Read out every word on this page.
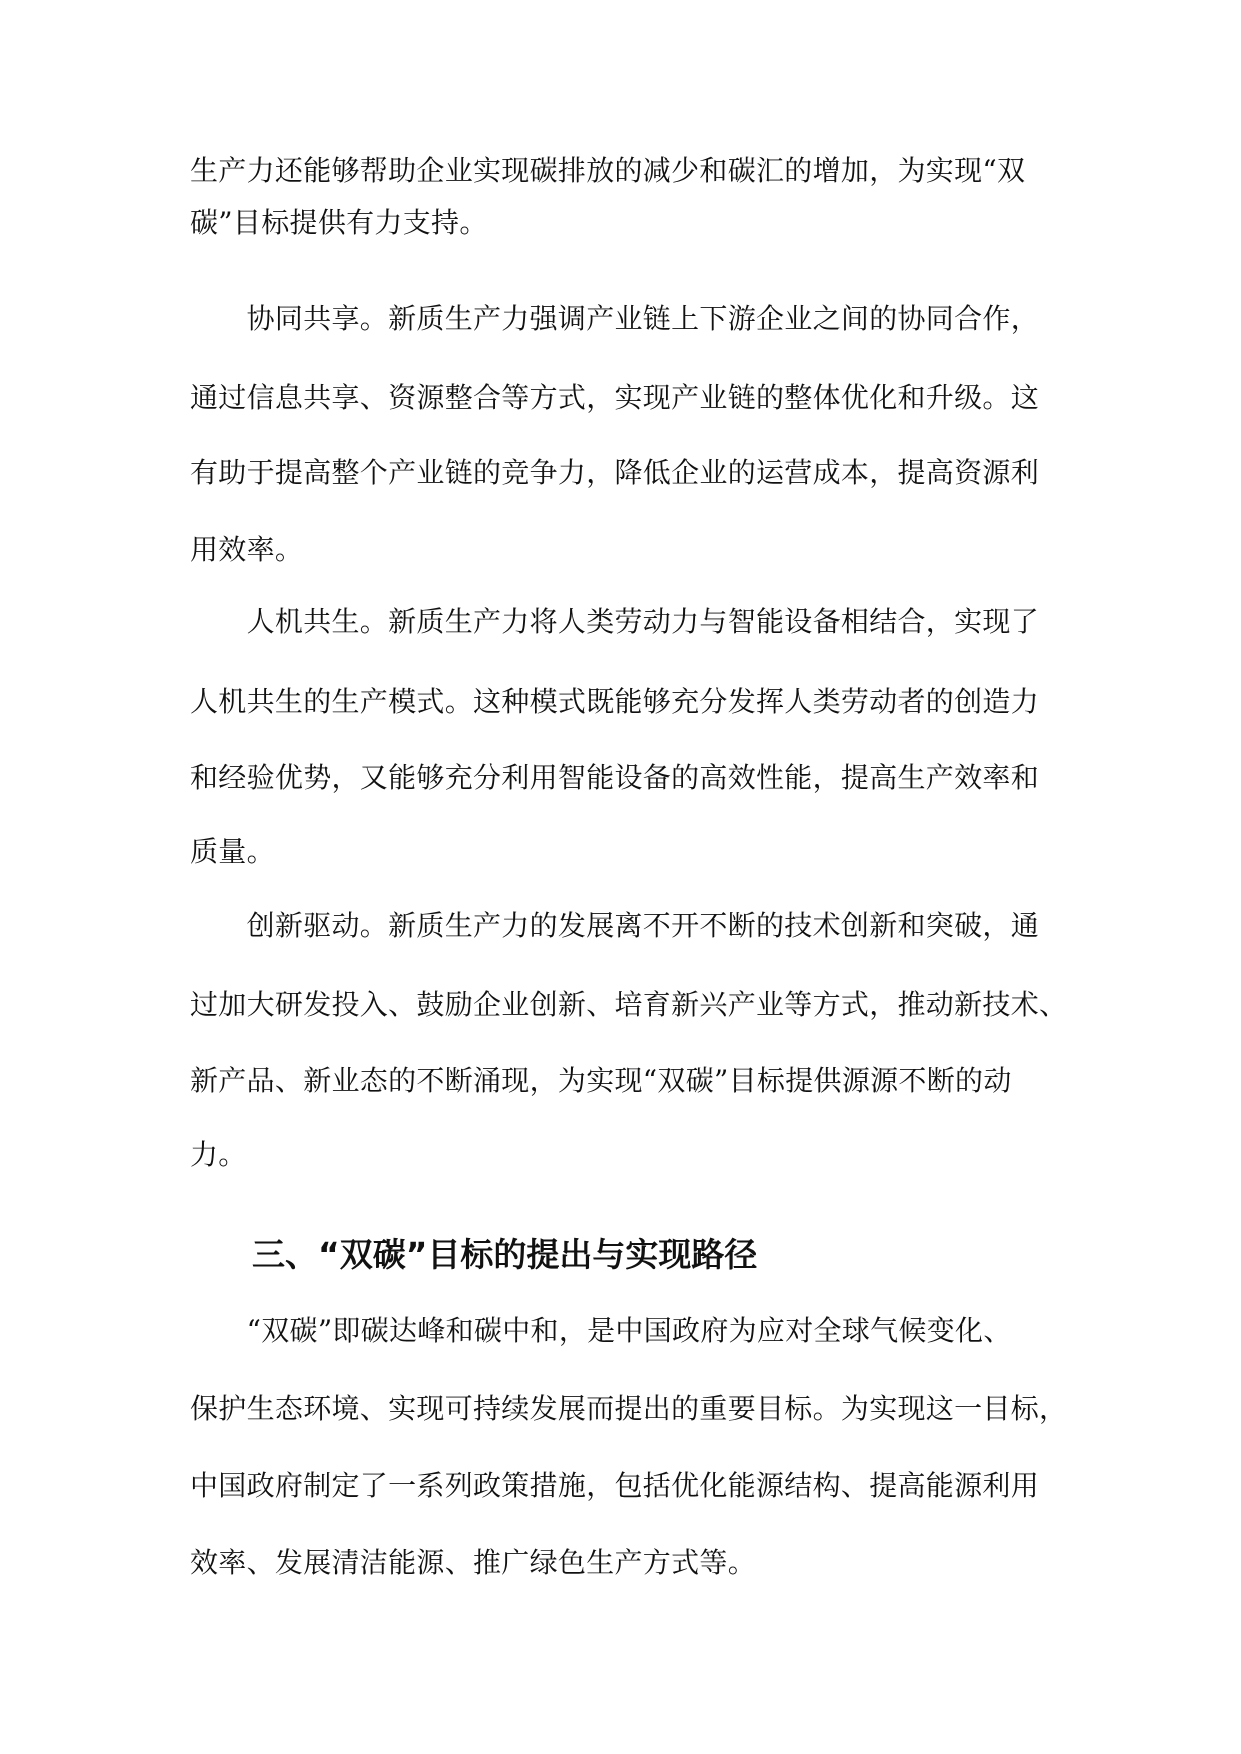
生产力还能够帮助企业实现碳排放的减少和碳汇的增加，为实现“双
碳”目标提供有力支持。
　　协同共享。新质生产力强调产业链上下游企业之间的协同合作，
通过信息共享、资源整合等方式，实现产业链的整体优化和升级。这
有助于提高整个产业链的竞争力，降低企业的运营成本，提高资源利
用效率。
　　人机共生。新质生产力将人类劳动力与智能设备相结合，实现了
人机共生的生产模式。这种模式既能够充分发挥人类劳动者的创造力
和经验优势，又能够充分利用智能设备的高效性能，提高生产效率和
质量。
　　创新驱动。新质生产力的发展离不开不断的技术创新和突破，通
过加大研发投入、鼓励企业创新、培育新兴产业等方式，推动新技术、
新产品、新业态的不断涌现，为实现“双碳”目标提供源源不断的动
力。
三、“双碳”目标的提出与实现路径
　　“双碳”即碳达峰和碳中和，是中国政府为应对全球气候变化、
保护生态环境、实现可持续发展而提出的重要目标。为实现这一目标，
中国政府制定了一系列政策措施，包括优化能源结构、提高能源利用
效率、发展清洁能源、推广绿色生产方式等。
